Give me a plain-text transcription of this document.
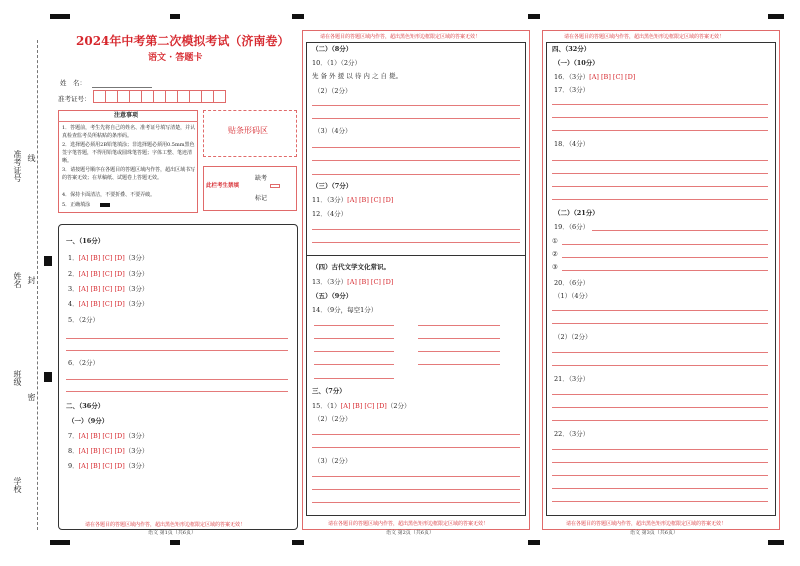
准考证号 线
姓名 封
班级
密
学校
2024年中考第二次模拟考试（济南卷）
语文 · 答题卡
姓　名：
准考证号：
注意事项
1．答题前，考生先将自己的姓名、准考证号填写清楚，并认真检查监考员所粘贴的条形码。
2．选择题必须用2B铅笔填涂；非选择题必须用0.5mm黑色签字笔答题，不得用铅笔或圆珠笔答题；字体工整、笔迹清晰。
3．请按题号顺序在各题目的答题区域内作答，超出区域书写的答案无效；在草稿纸、试题卷上答题无效。
4．保持卡面清洁，不要折叠、不要弄破。
5．正确填涂
贴条形码区
此栏考生禁填
缺考
标记
一、（16分）
1．[A] [B] [C] [D]（3分）
2．[A] [B] [C] [D]（3分）
3．[A] [B] [C] [D]（3分）
4．[A] [B] [C] [D]（3分）
5．（2分）
6．（2分）
二、（36分）
（一）（9分）
7．[A] [B] [C] [D]（3分）
8．[A] [B] [C] [D]（3分）
9．[A] [B] [C] [D]（3分）
请在各题目的答题区域内作答，超出黑色矩形边框限定区域的答案无效！
语文 第1页（共6页）
请在各题目的答题区域内作答，超出黑色矩形边框限定区域的答案无效！
（二）（8分）
10．（1）（2分）
先 备 外 援 以 待 内 之 自 毙。
（2）（2分）
（3）（4分）
（三）（7分）
11．（3分）[A] [B] [C] [D]
12．（4分）
（四）古代文学文化常识。
13．（3分）[A] [B] [C] [D]
（五）（9分）
14．（9分，每空1分）
三、（7分）
15．（1）[A] [B] [C] [D]（2分）
（2）（2分）
（3）（2分）
请在各题目的答题区域内作答，超出黑色矩形边框限定区域的答案无效！
语文 第2页（共6页）
请在各题目的答题区域内作答，超出黑色矩形边框限定区域的答案无效！
四、（32分）
（一）（10分）
16．（3分）[A] [B] [C] [D]
17．（3分）
18．（4分）
（二）（21分）
19．（6分）
①
②
③
20．（6分）
（1）（4分）
（2）（2分）
21．（3分）
22．（3分）
请在各题目的答题区域内作答，超出黑色矩形边框限定区域的答案无效！
语文 第3页（共6页）
